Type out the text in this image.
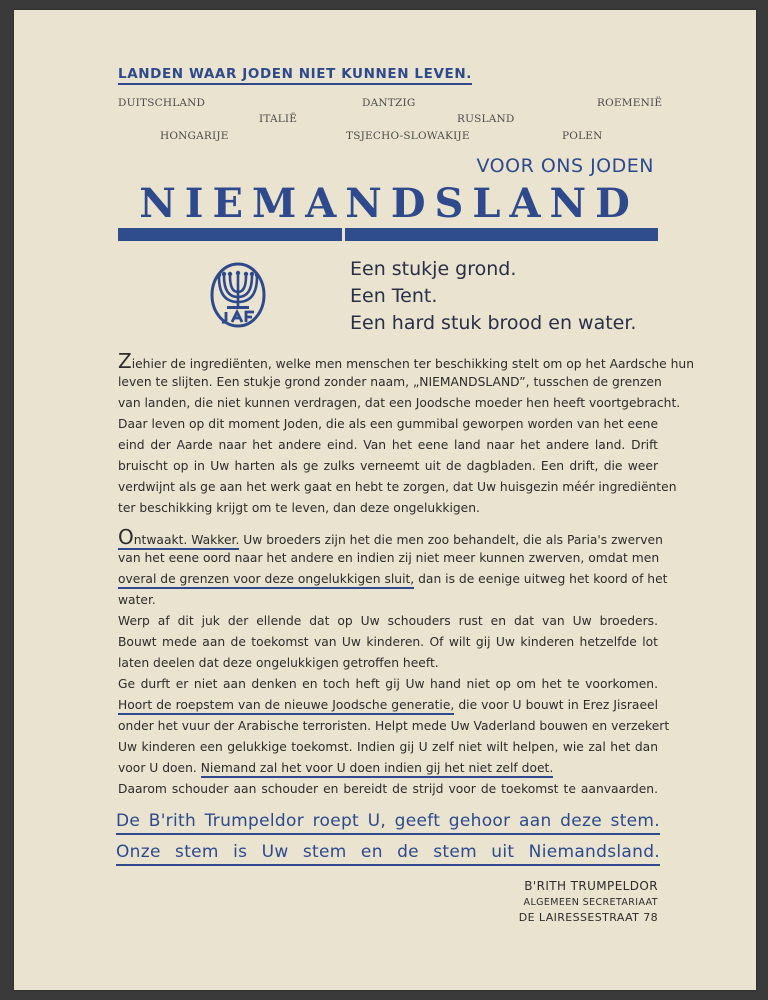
LANDEN WAAR JODEN NIET KUNNEN LEVEN.
DUITSCHLAND	DANTZIG	ROEMENIË
ITALIË	RUSLAND
HONGARIJE	TSJECHO-SLOWAKIJE	POLEN
VOOR ONS JODEN
NIEMANDSLAND
Een stukje grond.
Een Tent.
Een hard stuk brood en water.
Ziehier de ingrediënten, welke men menschen ter beschikking stelt om op het Aardsche hun
leven te slijten. Een stukje grond zonder naam, „NIEMANDSLAND”, tusschen de grenzen
van landen, die niet kunnen verdragen, dat een Joodsche moeder hen heeft voortgebracht.
Daar leven op dit moment Joden, die als een gummibal geworpen worden van het eene
eind der Aarde naar het andere eind. Van het eene land naar het andere land. Drift
bruischt op in Uw harten als ge zulks verneemt uit de dagbladen. Een drift, die weer
verdwijnt als ge aan het werk gaat en hebt te zorgen, dat Uw huisgezin méér ingrediënten
ter beschikking krijgt om te leven, dan deze ongelukkigen.
Ontwaakt. Wakker. Uw broeders zijn het die men zoo behandelt, die als Paria's zwerven
van het eene oord naar het andere en indien zij niet meer kunnen zwerven, omdat men
overal de grenzen voor deze ongelukkigen sluit, dan is de eenige uitweg het koord of het
water.
Werp af dit juk der ellende dat op Uw schouders rust en dat van Uw broeders.
Bouwt mede aan de toekomst van Uw kinderen. Of wilt gij Uw kinderen hetzelfde lot
laten deelen dat deze ongelukkigen getroffen heeft.
Ge durft er niet aan denken en toch heft gij Uw hand niet op om het te voorkomen.
Hoort de roepstem van de nieuwe Joodsche generatie, die voor U bouwt in Erez Jisraeel
onder het vuur der Arabische terroristen. Helpt mede Uw Vaderland bouwen en verzekert
Uw kinderen een gelukkige toekomst. Indien gij U zelf niet wilt helpen, wie zal het dan
voor U doen. Niemand zal het voor U doen indien gij het niet zelf doet.
Daarom schouder aan schouder en bereidt de strijd voor de toekomst te aanvaarden.
De B'rith Trumpeldor roept U, geeft gehoor aan deze stem.
Onze stem is Uw stem en de stem uit Niemandsland.
B'RITH TRUMPELDOR
ALGEMEEN SECRETARIAAT
DE LAIRESSESTRAAT 78
